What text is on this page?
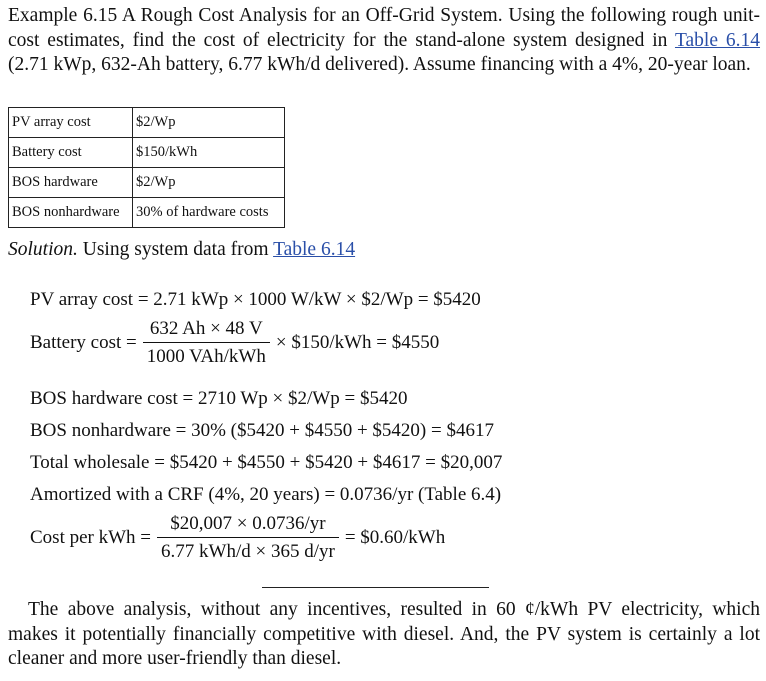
Example 6.15 A Rough Cost Analysis for an Off-Grid System. Using the following rough unit-cost estimates, find the cost of electricity for the stand-alone system designed in Table 6.14 (2.71 kWp, 632-Ah battery, 6.77 kWh/d delivered). Assume financing with a 4%, 20-year loan.
PV array cost	$2/Wp
Battery cost	$150/kWh
BOS hardware	$2/Wp
BOS nonhardware	30% of hardware costs
Solution. Using system data from Table 6.14
PV array cost = 2.71 kWp × 1000 W/kW × $2/Wp = $5420
Battery $\cos t = \frac{632 Ah \times 48 V}{\text{1000 VAh/kWh}}$ × $150/kWh = $4550
BOS hardware cost = 2710 Wp × $2/Wp = $5420
BOS nonhardware = 30% ($5420 + $4550 + $5420) = $4617
Total wholesale = $5420 + $4550 + $5420 + $4617 = $20,007
Amortized with a CRF (4%, 20 years) = 0.0736/yr (Table 6.4)
Cost per kWh = $\frac{\$20,007 \times 0.0736/yr}{\text{6.77 kWh/d × 365 d/yr}}$ = $0.60/kWh
The above analysis, without any incentives, resulted in 60 ¢/kWh PV electricity, which makes it potentially financially competitive with diesel. And, the PV system is certainly a lot cleaner and more user-friendly than diesel.
